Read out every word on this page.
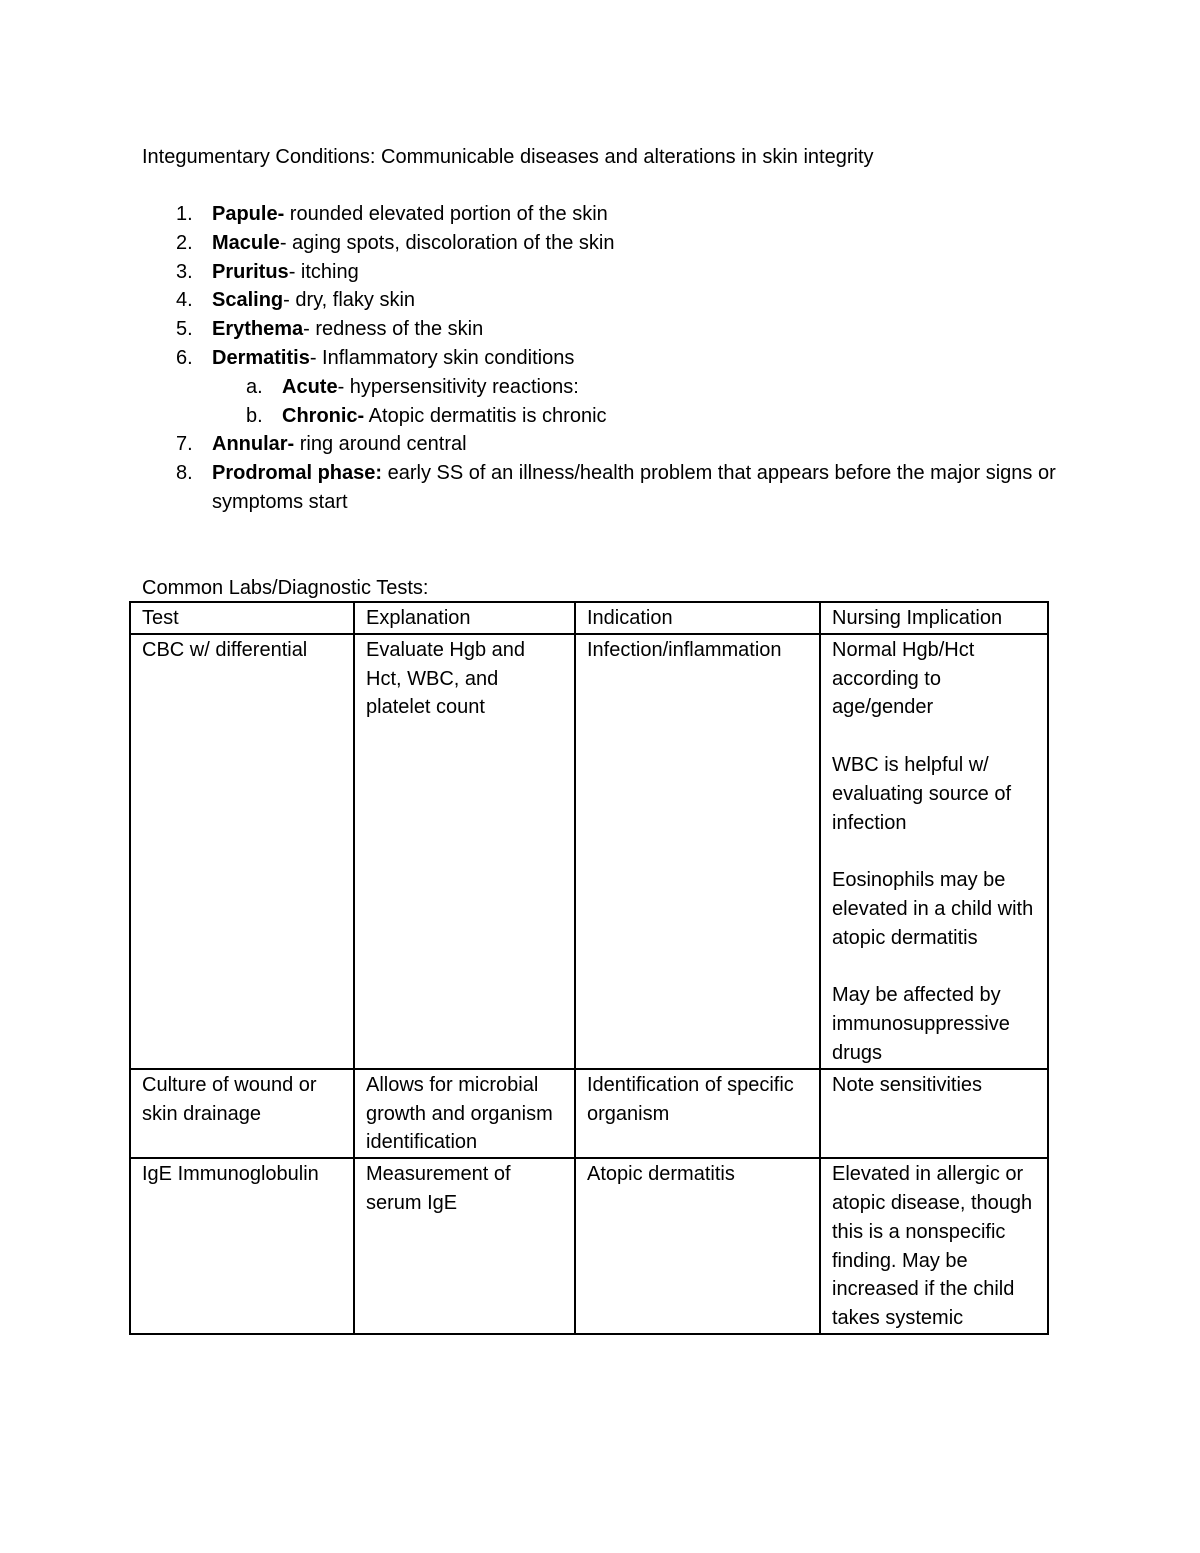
Integumentary Conditions: Communicable diseases and alterations in skin integrity
1. Papule- rounded elevated portion of the skin
2. Macule- aging spots, discoloration of the skin
3. Pruritus- itching
4. Scaling- dry, flaky skin
5. Erythema- redness of the skin
6. Dermatitis- Inflammatory skin conditions
a. Acute- hypersensitivity reactions:
b. Chronic- Atopic dermatitis is chronic
7. Annular- ring around central
8. Prodromal phase: early SS of an illness/health problem that appears before the major signs or symptoms start
Common Labs/Diagnostic Tests:
Test	Explanation	Indication	Nursing Implication
CBC w/ differential	Evaluate Hgb and Hct, WBC, and platelet count	Infection/inflammation	Normal Hgb/Hct according to age/gender
WBC is helpful w/ evaluating source of infection
Eosinophils may be elevated in a child with atopic dermatitis
May be affected by immunosuppressive drugs

Culture of wound or skin drainage	Allows for microbial growth and organism identification	Identification of specific organism	Note sensitivities

IgE Immunoglobulin	Measurement of serum IgE	Atopic dermatitis	Elevated in allergic or atopic disease, though this is a nonspecific finding. May be increased if the child takes systemic
